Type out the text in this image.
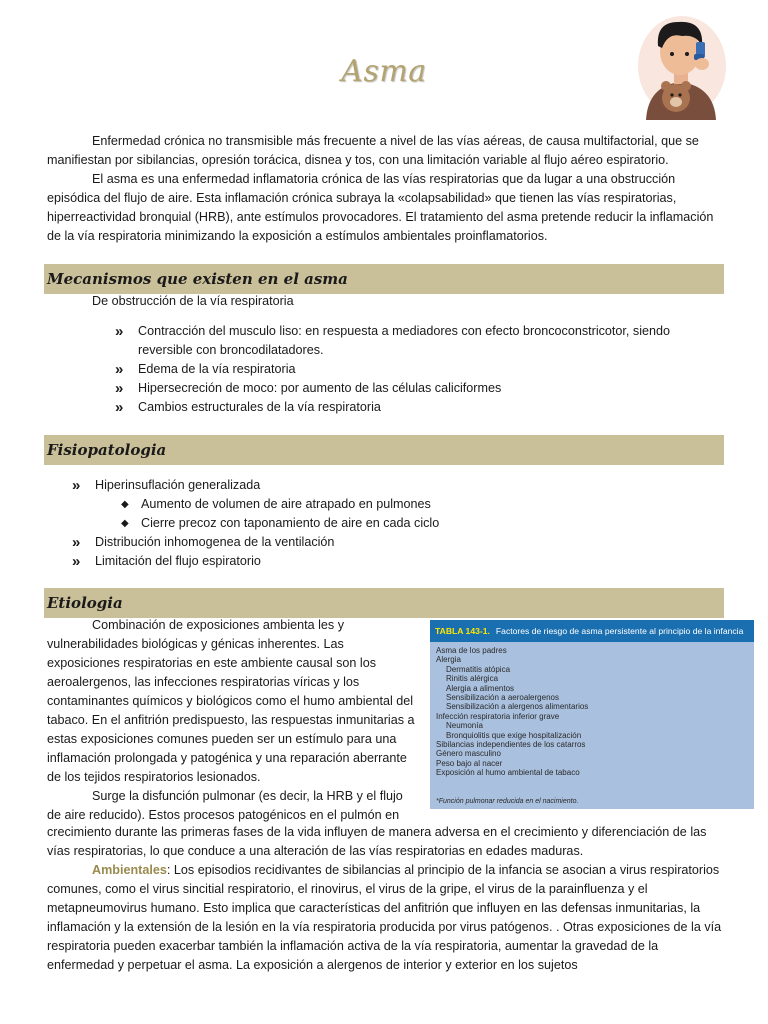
Asma

Enfermedad crónica no transmisible más frecuente a nivel de las vías aéreas, de causa multifactorial, que se manifiestan por sibilancias, opresión torácica, disnea y tos, con una limitación variable al flujo aéreo espiratorio.

El asma es una enfermedad inflamatoria crónica de las vías respiratorias que da lugar a una obstrucción episódica del flujo de aire. Esta inflamación crónica subraya la «colapsabilidad» que tienen las vías respiratorias, hiperreactividad bronquial (HRB), ante estímulos provocadores. El tratamiento del asma pretende reducir la inflamación de la vía respiratoria minimizando la exposición a estímulos ambientales proinflamatorios.

Mecanismos que existen en el asma

De obstrucción de la vía respiratoria

» Contracción del musculo liso: en respuesta a mediadores con efecto broncoconstricotor, siendo reversible con broncodilatadores.
» Edema de la vía respiratoria
» Hipersecreción de moco: por aumento de las células caliciformes
» Cambios estructurales de la vía respiratoria
Fisiopatologia
» Hiperinsuflación generalizada
◆ Aumento de volumen de aire atrapado en pulmones
◆ Cierre precoz con taponamiento de aire en cada ciclo
» Distribución inhomogenea de la ventilación
» Limitación del flujo espiratorio
Etiologia

Combinación de exposiciones ambienta les y vulnerabilidades biológicas y génicas inherentes. Las exposiciones respiratorias en este ambiente causal son los aeroalergenos, las infecciones respiratorias víricas y los contaminantes químicos y biológicos como el humo ambiental del tabaco. En el anfitrión predispuesto, las respuestas inmunitarias a estas exposiciones comunes pueden ser un estímulo para una inflamación prolongada y patogénica y una reparación aberrante de los tejidos respiratorios lesionados.

Surge la disfunción pulmonar (es decir, la HRB y el flujo de aire reducido). Estos procesos patogénicos en el pulmón en

crecimiento durante las primeras fases de la vida influyen de manera adversa en el crecimiento y diferenciación de las vías respiratorias, lo que conduce a una alteración de las vías respiratorias en edades maduras.

Ambientales: Los episodios recidivantes de sibilancias al principio de la infancia se asocian a virus respiratorios comunes, como el virus sincitial respiratorio, el rinovirus, el virus de la gripe, el virus de la parainfluenza y el metapneumovirus humano. Esto implica que características del anfitrión que influyen en las defensas inmunitarias, la inflamación y la extensión de la lesión en la vía respiratoria producida por virus patógenos. . Otras exposiciones de la vía respiratoria pueden exacerbar también la inflamación activa de la vía respiratoria, aumentar la gravedad de la enfermedad y perpetuar el asma. La exposición a alergenos de interior y exterior en los sujetos

TABLA 143-1. Factores de riesgo de asma persistente al principio de la infancia
Asma de los padres
Alergia
Dermatitis atópica
Rinitis alérgica
Alergia a alimentos
Sensibilización a aeroalergenos
Sensibilización a alergenos alimentarios
Infección respiratoria inferior grave
Neumonía
Bronquiolitis que exige hospitalización
Sibilancias independientes de los catarros
Género masculino
Peso bajo al nacer
Exposición al humo ambiental de tabaco
*Función pulmonar reducida en el nacimiento.
